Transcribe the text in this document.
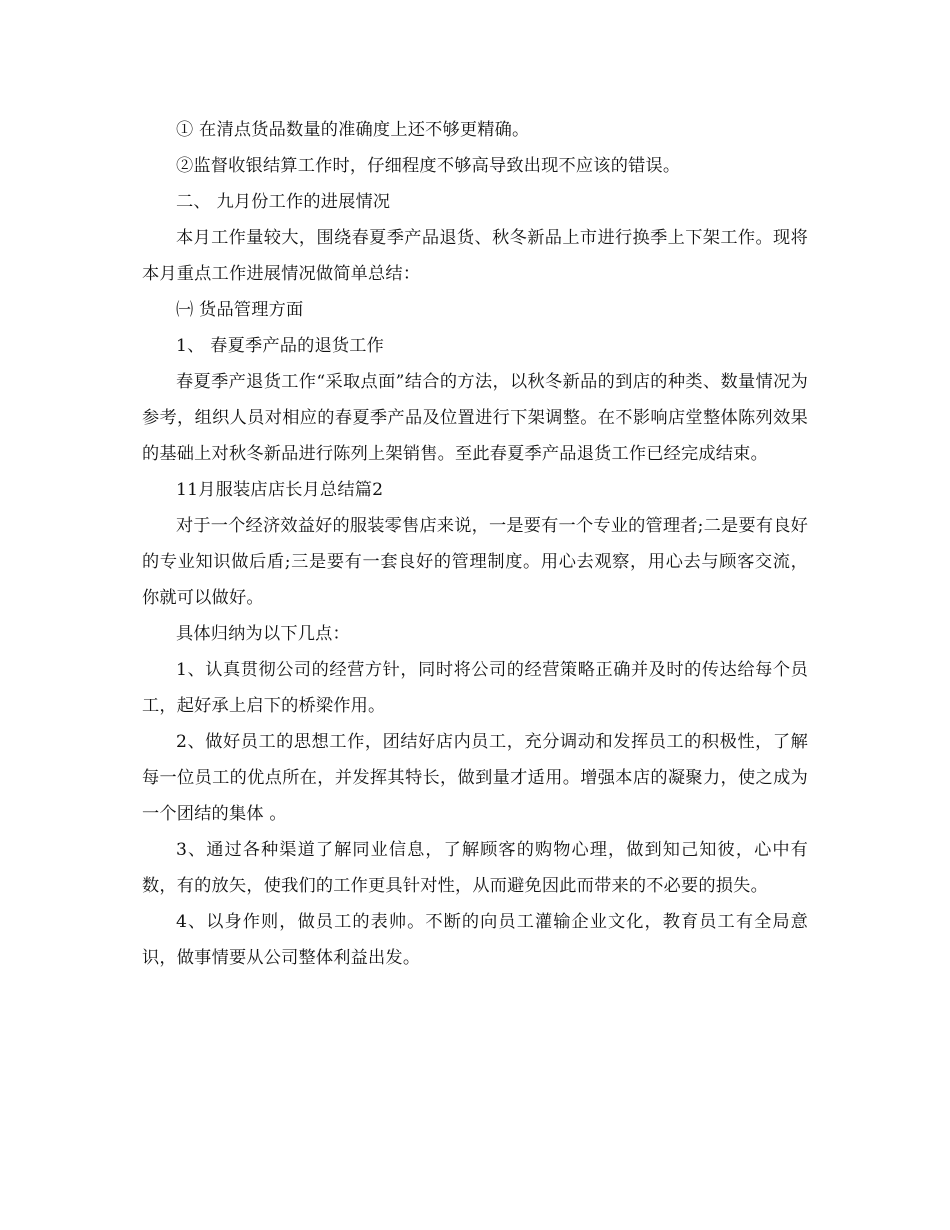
① 在清点货品数量的准确度上还不够更精确。

②监督收银结算工作时，仔细程度不够高导致出现不应该的错误。

二、 九月份工作的进展情况

本月工作量较大，围绕春夏季产品退货、秋冬新品上市进行换季上下架工作。现将本月重点工作进展情况做简单总结：

㈠ 货品管理方面

1、 春夏季产品的退货工作

春夏季产退货工作“采取点面”结合的方法，以秋冬新品的到店的种类、数量情况为参考，组织人员对相应的春夏季产品及位置进行下架调整。在不影响店堂整体陈列效果的基础上对秋冬新品进行陈列上架销售。至此春夏季产品退货工作已经完成结束。

11月服装店店长月总结篇2

对于一个经济效益好的服装零售店来说，一是要有一个专业的管理者;二是要有良好的专业知识做后盾;三是要有一套良好的管理制度。用心去观察，用心去与顾客交流，你就可以做好。

具体归纳为以下几点：

1、认真贯彻公司的经营方针，同时将公司的经营策略正确并及时的传达给每个员工，起好承上启下的桥梁作用。

2、做好员工的思想工作，团结好店内员工，充分调动和发挥员工的积极性，了解每一位员工的优点所在，并发挥其特长，做到量才适用。增强本店的凝聚力，使之成为一个团结的集体 。

3、通过各种渠道了解同业信息，了解顾客的购物心理，做到知己知彼，心中有数，有的放矢，使我们的工作更具针对性，从而避免因此而带来的不必要的损失。

4、以身作则，做员工的表帅。不断的向员工灌输企业文化，教育员工有全局意识，做事情要从公司整体利益出发。
